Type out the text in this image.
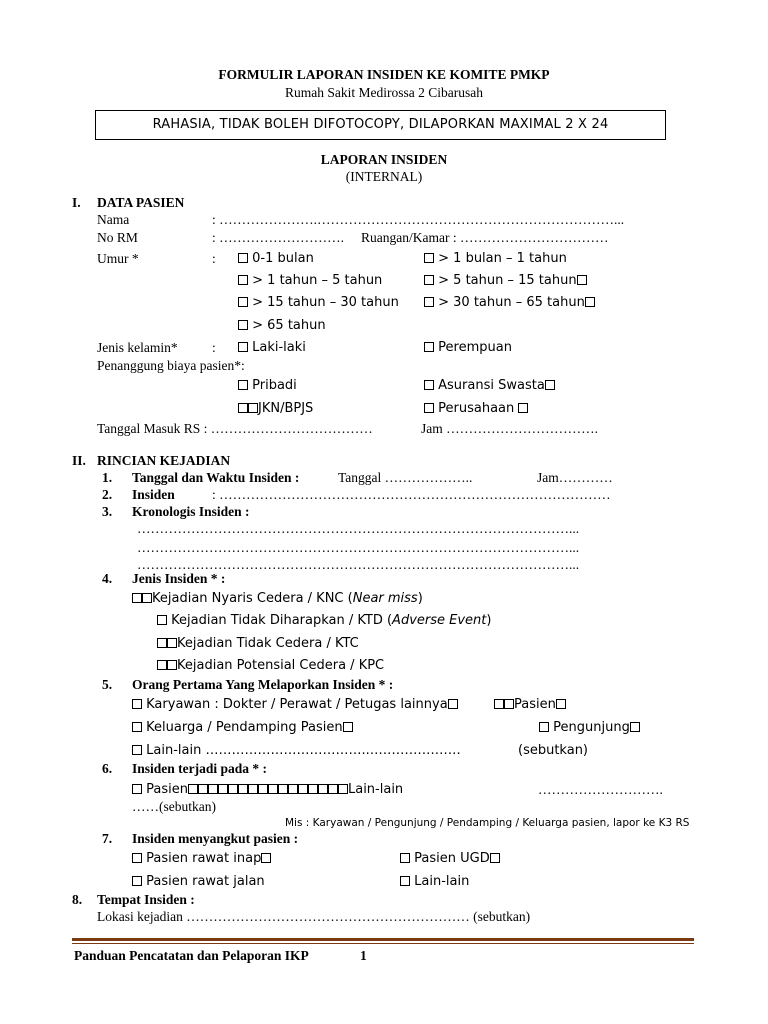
FORMULIR LAPORAN INSIDEN KE KOMITE PMKP
Rumah Sakit Medirossa 2 Cibarusah
RAHASIA, TIDAK BOLEH DIFOTOCOPY, DILAPORKAN MAXIMAL 2 X 24
LAPORAN INSIDEN
(INTERNAL)
I. DATA PASIEN
Nama	: ………………….…………………………………………………………...
No RM	: ………………………. Ruangan/Kamar : ……………………………
Umur *	:	0-1 bulan	> 1 bulan – 1 tahun
> 1 tahun – 5 tahun	> 5 tahun – 15 tahun
> 15 tahun – 30 tahun	> 30 tahun – 65 tahun
> 65 tahun
Jenis kelamin*	:	Laki-laki	Perempuan
Penanggung biaya pasien*:
Pribadi	Asuransi Swasta
JKN/BPJS	Perusahaan
Tanggal Masuk RS : ………………………………	Jam …………………………….
II. RINCIAN KEJADIAN
1. Tanggal dan Waktu Insiden :	Tanggal ………………..	Jam…………
2. Insiden	: ……………………………………………………………………………
3. Kronologis Insiden :
……………………………………………………………………………………...
……………………………………………………………………………………...
……………………………………………………………………………………...
4. Jenis Insiden * :
Kejadian Nyaris Cedera / KNC (Near miss)
Kejadian Tidak Diharapkan / KTD (Adverse Event)
Kejadian Tidak Cedera / KTC
Kejadian Potensial Cedera / KPC
5. Orang Pertama Yang Melaporkan Insiden * :
Karyawan : Dokter / Perawat / Petugas lainnya	Pasien
Keluarga / Pendamping Pasien	Pengunjung
Lain-lain ………………………………..…………………	(sebutkan)
6. Insiden terjadi pada * :
Pasien	Lain-lain	……………………….
……(sebutkan)
Mis : Karyawan / Pengunjung / Pendamping / Keluarga pasien, lapor ke K3 RS
7. Insiden menyangkut pasien :
Pasien rawat inap	Pasien UGD
Pasien rawat jalan	Lain-lain
8. Tempat Insiden :
Lokasi kejadian ……………………………………………………… (sebutkan)
Panduan Pencatatan dan Pelaporan IKP	1
